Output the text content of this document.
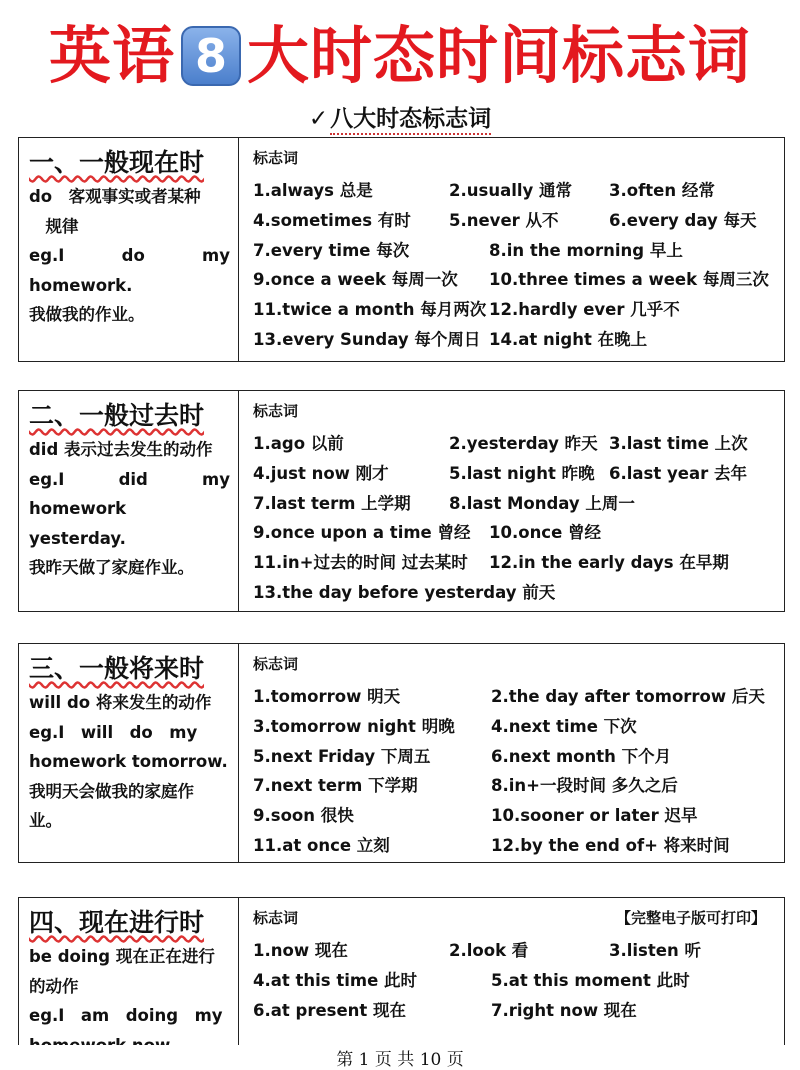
英语 8 大时态时间标志词
✓八大时态标志词
一、一般现在时
do　客观事实或者某种
　规律
eg.I do my homework.
我做我的作业。
标志词
1.always 总是	2.usually 通常 3.often 经常
4.sometimes 有时 5.never 从不	6.every day 每天
7.every time 每次	8.in the morning 早上
9.once a week 每周一次 10.three times a week 每周三次
11.twice a month 每月两次 12.hardly ever 几乎不
13.every Sunday 每个周日 14.at night 在晚上
二、一般过去时
did 表示过去发生的动作
eg.I did my homework
yesterday.
我昨天做了家庭作业。
标志词
1.ago 以前	2.yesterday 昨天 3.last time 上次
4.just now 刚才	5.last night 昨晚 6.last year 去年
7.last term 上学期 8.last Monday 上周一
9.once upon a time 曾经 10.once 曾经
11.in+过去的时间 过去某时 12.in the early days 在早期
13.the day before yesterday 前天
三、一般将来时
will do 将来发生的动作
eg.I　will　do　my
homework tomorrow.
我明天会做我的家庭作
业。
标志词
1.tomorrow 明天	2.the day after tomorrow 后天
3.tomorrow night 明晚 4.next time 下次
5.next Friday 下周五	6.next month 下个月
7.next term 下学期	8.in+一段时间 多久之后
9.soon 很快	10.sooner or later 迟早
11.at once 立刻	12.by the end of+ 将来时间
四、现在进行时
be doing 现在正在进行
的动作
eg.I　am　doing　my
标志词	【完整电子版可打印】
1.now 现在	2.look 看	3.listen 听
4.at this time 此时	5.at this moment 此时
6.at present 现在	7.right now 现在
第 1 页 共 10 页
